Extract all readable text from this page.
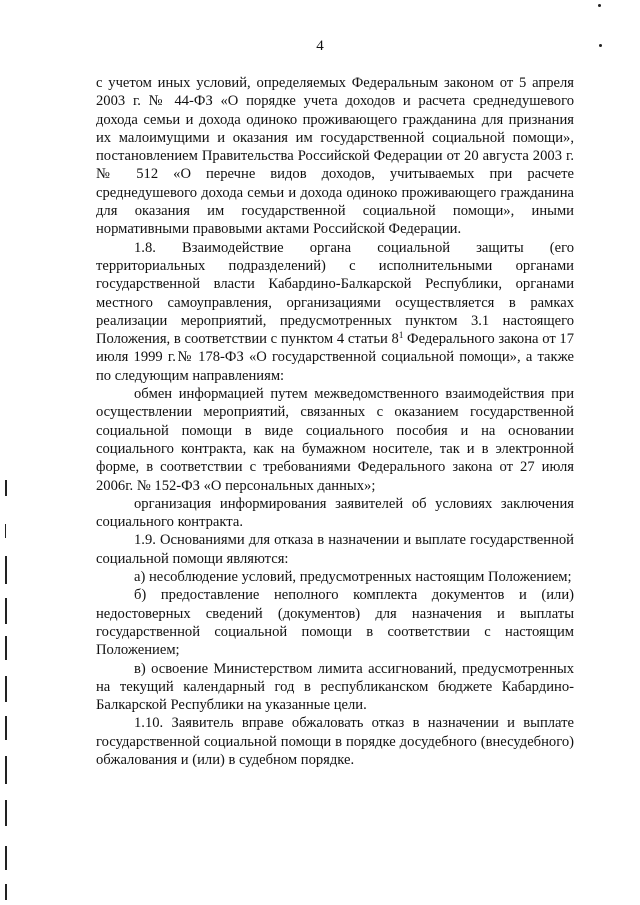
4

с учетом иных условий, определяемых Федеральным законом от 5 апреля 2003 г. № 44-ФЗ «О порядке учета доходов и расчета среднедушевого дохода семьи и дохода одиноко проживающего гражданина для признания их малоимущими и оказания им государственной социальной помощи», постановлением Правительства Российской Федерации от 20 августа 2003 г. № 512 «О перечне видов доходов, учитываемых при расчете среднедушевого дохода семьи и дохода одиноко проживающего гражданина для оказания им государственной социальной помощи», иными нормативными правовыми актами Российской Федерации.

1.8. Взаимодействие органа социальной защиты (его территориальных подразделений) с исполнительными органами государственной власти Кабардино-Балкарской Республики, органами местного самоуправления, организациями осуществляется в рамках реализации мероприятий, предусмотренных пунктом 3.1 настоящего Положения, в соответствии с пунктом 4 статьи $8^1$ Федерального закона от 17 июля 1999 г.№ 178-ФЗ «О государственной социальной помощи», а также по следующим направлениям:

обмен информацией путем межведомственного взаимодействия при осуществлении мероприятий, связанных с оказанием государственной социальной помощи в виде социального пособия и на основании социального контракта, как на бумажном носителе, так и в электронной форме, в соответствии с требованиями Федерального закона от 27 июля 2006г. № 152-ФЗ «О персональных данных»;

организация информирования заявителей об условиях заключения социального контракта.

1.9. Основаниями для отказа в назначении и выплате государственной социальной помощи являются:

а) несоблюдение условий, предусмотренных настоящим Положением;

б) предоставление неполного комплекта документов и (или) недостоверных сведений (документов) для назначения и выплаты государственной социальной помощи в соответствии с настоящим Положением;

в) освоение Министерством лимита ассигнований, предусмотренных на текущий календарный год в республиканском бюджете Кабардино-Балкарской Республики на указанные цели.

1.10. Заявитель вправе обжаловать отказ в назначении и выплате государственной социальной помощи в порядке досудебного (внесудебного) обжалования и (или) в судебном порядке.
